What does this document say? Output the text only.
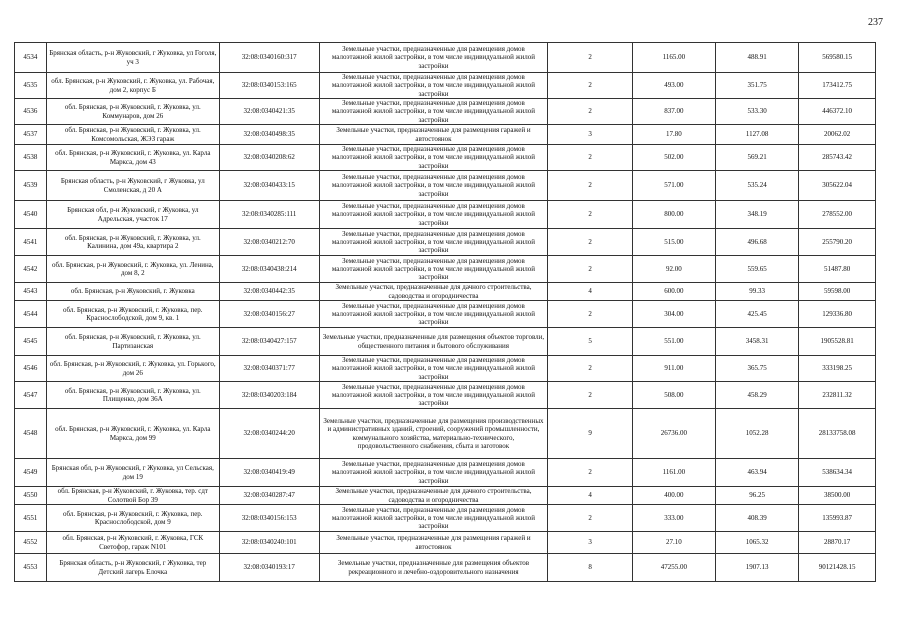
237
4534	Брянская область, р-н Жуковский, г Жуковка, ул Гоголя, уч 3	32:08:0340160:317	Земельные участки, предназначенные для размещения домов малоэтажной жилой застройки, в том числе индивидуальной жилой застройки	2	1165.00	488.91	569580.15
4535	обл. Брянская, р-н Жуковский, г. Жуковка, ул. Рабочая, дом 2, корпус Б	32:08:0340153:165	Земельные участки, предназначенные для размещения домов малоэтажной жилой застройки, в том числе индивидуальной жилой застройки	2	493.00	351.75	173412.75
4536	обл. Брянская, р-н Жуковский, г. Жуковка, ул. Коммунаров, дом 26	32:08:0340421:35	Земельные участки, предназначенные для размещения домов малоэтажной жилой застройки, в том числе индивидуальной жилой застройки	2	837.00	533.30	446372.10
4537	обл. Брянская, р-н Жуковский, г. Жуковка, ул. Комсомольская, ЖЭЗ гараж	32:08:0340498:35	Земельные участки, предназначенные для размещения гаражей и автостоянок	3	17.80	1127.08	20062.02
4538	обл. Брянская, р-н Жуковский, г. Жуковка, ул. Карла Маркса, дом 43	32:08:0340208:62	Земельные участки, предназначенные для размещения домов малоэтажной жилой застройки, в том числе индивидуальной жилой застройки	2	502.00	569.21	285743.42
4539	Брянская область, р-н Жуковский, г Жуковка, ул Смоленская, д 20 А	32:08:0340433:15	Земельные участки, предназначенные для размещения домов малоэтажной жилой застройки, в том числе индивидуальной жилой застройки	2	571.00	535.24	305622.04
4540	Брянская обл, р-н Жуковский, г Жуковка, ул Адрельская, участок 17	32:08:0340285:111	Земельные участки, предназначенные для размещения домов малоэтажной жилой застройки, в том числе индивидуальной жилой застройки	2	800.00	348.19	278552.00
4541	обл. Брянская, р-н Жуковский, г. Жуковка, ул. Калинина, дом 49а, квартира 2	32:08:0340212:70	Земельные участки, предназначенные для размещения домов малоэтажной жилой застройки, в том числе индивидуальной жилой застройки	2	515.00	496.68	255790.20
4542	обл. Брянская, р-н Жуковский, г. Жуковка, ул. Ленина, дом 8, 2	32:08:0340438:214	Земельные участки, предназначенные для размещения домов малоэтажной жилой застройки, в том числе индивидуальной жилой застройки	2	92.00	559.65	51487.80
4543	обл. Брянская, р-н Жуковский, г. Жуковка	32:08:0340442:35	Земельные участки, предназначенные для дачного строительства, садоводства и огородничества	4	600.00	99.33	59598.00
4544	обл. Брянская, р-н Жуковский, г. Жуковка, пер. Краснослободской, дом 9, кв. 1	32:08:0340156:27	Земельные участки, предназначенные для размещения домов малоэтажной жилой застройки, в том числе индивидуальной жилой застройки	2	304.00	425.45	129336.80
4545	обл. Брянская, р-н Жуковский, г. Жуковка, ул. Партизанская	32:08:0340427:157	Земельные участки, предназначенные для размещения объектов торговли, общественного питания и бытового обслуживания	5	551.00	3458.31	1905528.81
4546	обл. Брянская, р-н Жуковский, г. Жуковка, ул. Горького, дом 26	32:08:0340371:77	Земельные участки, предназначенные для размещения домов малоэтажной жилой застройки, в том числе индивидуальной жилой застройки	2	911.00	365.75	333198.25
4547	обл. Брянская, р-н Жуковский, г. Жуковка, ул. Плищенко, дом 36А	32:08:0340203:184	Земельные участки, предназначенные для размещения домов малоэтажной жилой застройки, в том числе индивидуальной жилой застройки	2	508.00	458.29	232811.32
4548	обл. Брянская, р-н Жуковский, г. Жуковка, ул. Карла Маркса, дом 99	32:08:0340244:20	Земельные участки, предназначенные для размещения производственных и административных зданий, строений, сооружений промышленности, коммунального хозяйства, материально-технического, продовольственного снабжения, сбыта и заготовок	9	26736.00	1052.28	28133758.08
4549	Брянская обл, р-н Жуковский, г Жуковка, ул Сельская, дом 19	32:08:0340419:49	Земельные участки, предназначенные для размещения домов малоэтажной жилой застройки, в том числе индивидуальной жилой застройки	2	1161.00	463.94	538634.34
4550	обл. Брянская, р-н Жуковский, г. Жуковка, тер. сдт Солотвой Бор 39	32:08:0340287:47	Земельные участки, предназначенные для дачного строительства, садоводства и огородничества	4	400.00	96.25	38500.00
4551	обл. Брянская, р-н Жуковский, г. Жуковка, пер. Краснослободской, дом 9	32:08:0340156:153	Земельные участки, предназначенные для размещения домов малоэтажной жилой застройки, в том числе индивидуальной жилой застройки	2	333.00	408.39	135993.87
4552	обл. Брянская, р-н Жуковский, г. Жуковка, ГСК Светофор, гараж N101	32:08:0340240:101	Земельные участки, предназначенные для размещения гаражей и автостоянок	3	27.10	1065.32	28870.17
4553	Брянская область, р-н Жуковский, г Жуковка, тер Детский лагерь Елочка	32:08:0340193:17	Земельные участки, предназначенные для размещения объектов рекреационного и лечебно-оздоровительного назначения	8	47255.00	1907.13	90121428.15
